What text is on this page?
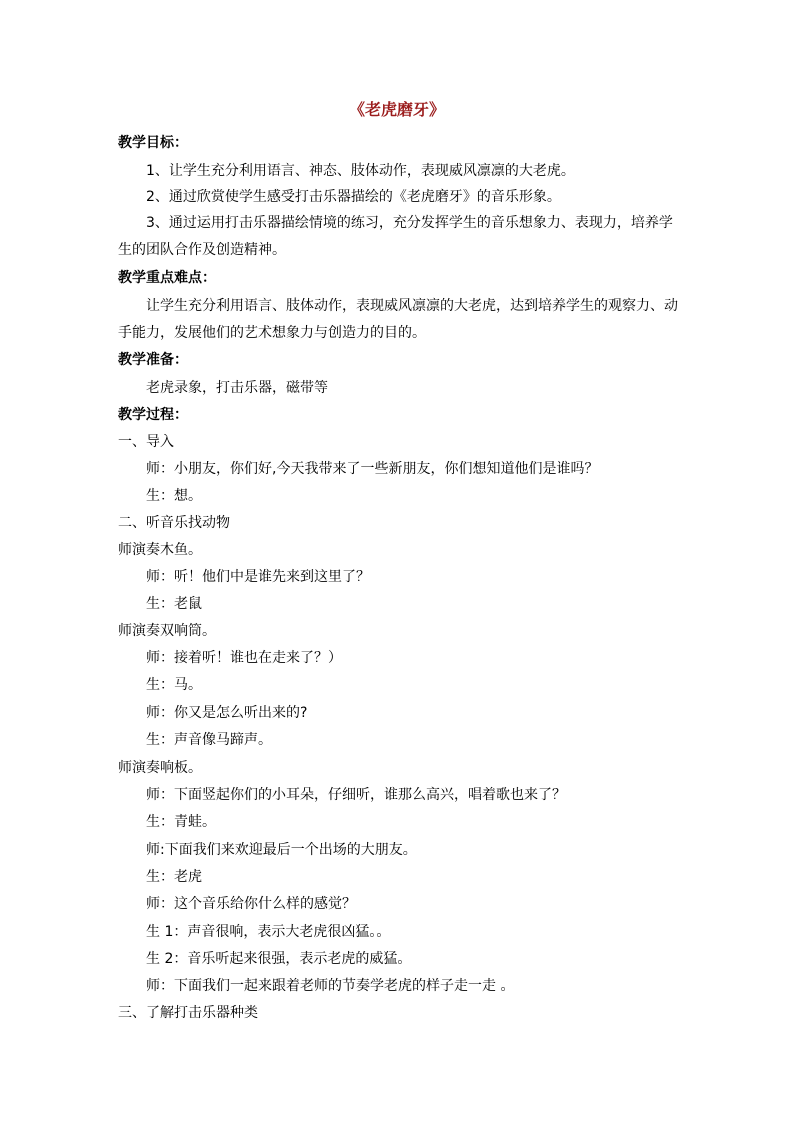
《老虎磨牙》
教学目标：
1、让学生充分利用语言、神态、肢体动作，表现威风凛凛的大老虎。
2、通过欣赏使学生感受打击乐器描绘的《老虎磨牙》的音乐形象。
3、通过运用打击乐器描绘情境的练习，充分发挥学生的音乐想象力、表现力，培养学
生的团队合作及创造精神。
教学重点难点：
让学生充分利用语言、肢体动作，表现威风凛凛的大老虎，达到培养学生的观察力、动
手能力，发展他们的艺术想象力与创造力的目的。
教学准备：
老虎录象，打击乐器，磁带等
教学过程：
一、导入
师：小朋友，你们好,今天我带来了一些新朋友，你们想知道他们是谁吗？
生：想。
二、听音乐找动物
师演奏木鱼。
师：听！他们中是谁先来到这里了？
生：老鼠
师演奏双响筒。
师：接着听！谁也在走来了？）
生：马。
师：你又是怎么听出来的?
生：声音像马蹄声。
师演奏响板。
师：下面竖起你们的小耳朵，仔细听，谁那么高兴，唱着歌也来了？
生：青蛙。
师:下面我们来欢迎最后一个出场的大朋友。
生：老虎
师：这个音乐给你什么样的感觉？
生 1：声音很响，表示大老虎很凶猛。。
生 2：音乐听起来很强，表示老虎的威猛。
师：下面我们一起来跟着老师的节奏学老虎的样子走一走 。
三、了解打击乐器种类
